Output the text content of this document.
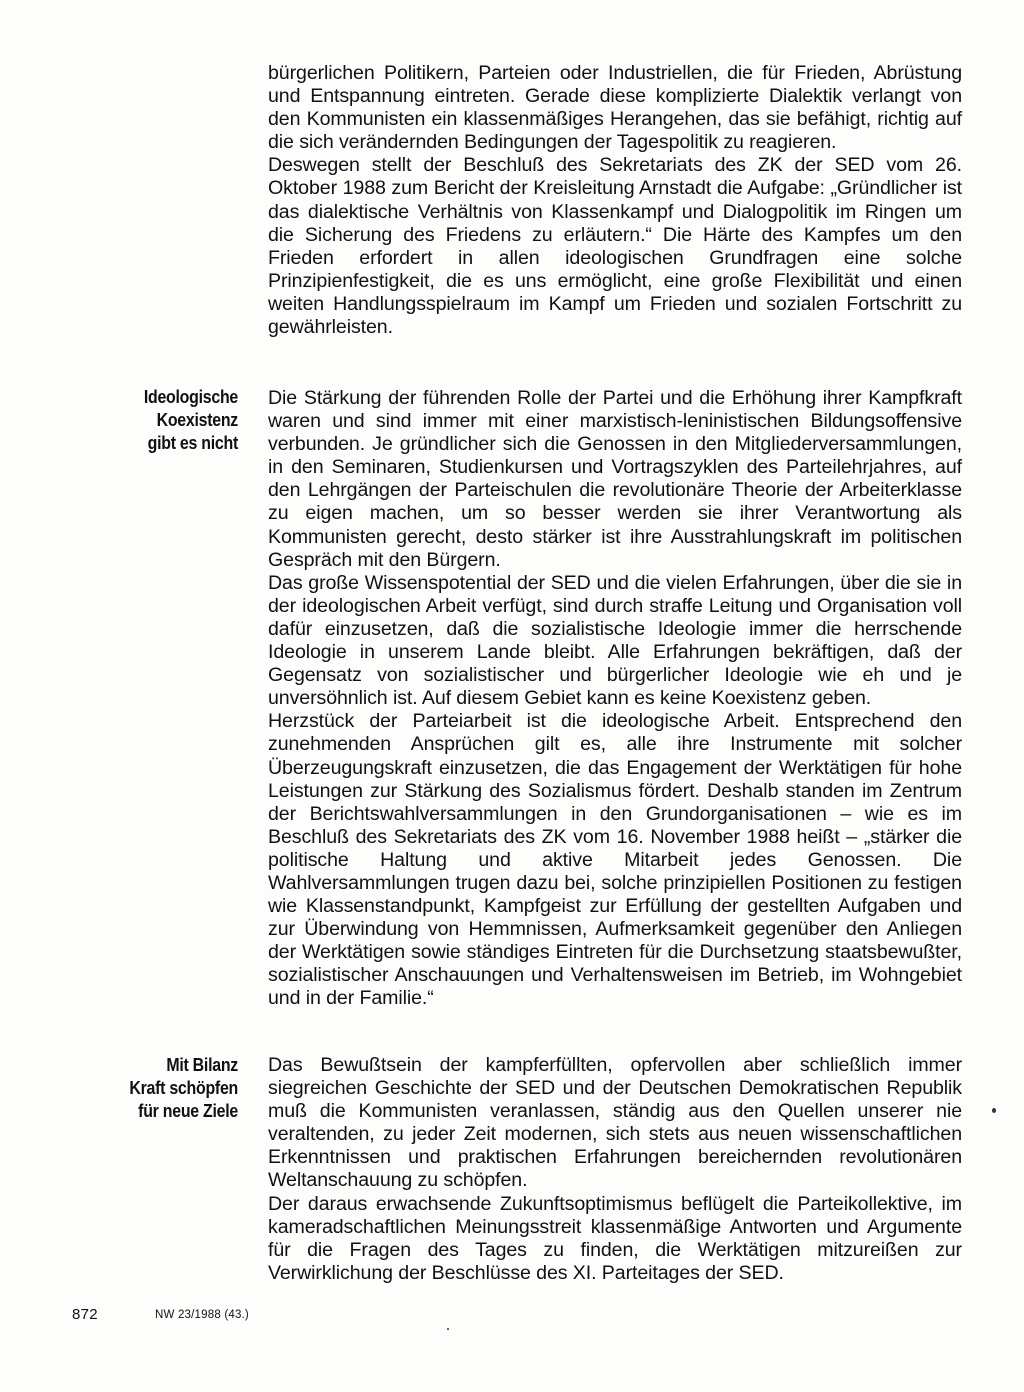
bürgerlichen Politikern, Parteien oder Industriellen, die für Frieden, Abrüstung und Entspannung eintreten. Gerade diese komplizierte Dialektik verlangt von den Kommunisten ein klassenmäßiges Herangehen, das sie befähigt, richtig auf die sich verändernden Bedingungen der Tagespolitik zu reagieren.

Deswegen stellt der Beschluß des Sekretariats des ZK der SED vom 26. Oktober 1988 zum Bericht der Kreisleitung Arnstadt die Aufgabe: „Gründlicher ist das dialektische Verhältnis von Klassenkampf und Dialogpolitik im Ringen um die Sicherung des Friedens zu erläutern.“ Die Härte des Kampfes um den Frieden erfordert in allen ideologischen Grundfragen eine solche Prinzipienfestigkeit, die es uns ermöglicht, eine große Flexibilität und einen weiten Handlungsspielraum im Kampf um Frieden und sozialen Fortschritt zu gewährleisten.

Ideologische
Koexistenz
gibt es nicht

Die Stärkung der führenden Rolle der Partei und die Erhöhung ihrer Kampfkraft waren und sind immer mit einer marxistisch-leninistischen Bildungsoffensive verbunden. Je gründlicher sich die Genossen in den Mitgliederversammlungen, in den Seminaren, Studienkursen und Vortragszyklen des Parteilehrjahres, auf den Lehrgängen der Parteischulen die revolutionäre Theorie der Arbeiterklasse zu eigen machen, um so besser werden sie ihrer Verantwortung als Kommunisten gerecht, desto stärker ist ihre Ausstrahlungskraft im politischen Gespräch mit den Bürgern.

Das große Wissenspotential der SED und die vielen Erfahrungen, über die sie in der ideologischen Arbeit verfügt, sind durch straffe Leitung und Organisation voll dafür einzusetzen, daß die sozialistische Ideologie immer die herrschende Ideologie in unserem Lande bleibt. Alle Erfahrungen bekräftigen, daß der Gegensatz von sozialistischer und bürgerlicher Ideologie wie eh und je unversöhnlich ist. Auf diesem Gebiet kann es keine Koexistenz geben.

Herzstück der Parteiarbeit ist die ideologische Arbeit. Entsprechend den zunehmenden Ansprüchen gilt es, alle ihre Instrumente mit solcher Überzeugungskraft einzusetzen, die das Engagement der Werktätigen für hohe Leistungen zur Stärkung des Sozialismus fördert. Deshalb standen im Zentrum der Berichtswahlversammlungen in den Grundorganisationen – wie es im Beschluß des Sekretariats des ZK vom 16. November 1988 heißt – „stärker die politische Haltung und aktive Mitarbeit jedes Genossen. Die Wahlversammlungen trugen dazu bei, solche prinzipiellen Positionen zu festigen wie Klassenstandpunkt, Kampfgeist zur Erfüllung der gestellten Aufgaben und zur Überwindung von Hemmnissen, Aufmerksamkeit gegenüber den Anliegen der Werktätigen sowie ständiges Eintreten für die Durchsetzung staatsbewußter, sozialistischer Anschauungen und Verhaltensweisen im Betrieb, im Wohngebiet und in der Familie.“

Mit Bilanz
Kraft schöpfen
für neue Ziele

Das Bewußtsein der kampferfüllten, opfervollen aber schließlich immer siegreichen Geschichte der SED und der Deutschen Demokratischen Republik muß die Kommunisten veranlassen, ständig aus den Quellen unserer nie veraltenden, zu jeder Zeit modernen, sich stets aus neuen wissenschaftlichen Erkenntnissen und praktischen Erfahrungen bereichernden revolutionären Weltanschauung zu schöpfen.

Der daraus erwachsende Zukunftsoptimismus beflügelt die Parteikollektive, im kameradschaftlichen Meinungsstreit klassenmäßige Antworten und Argumente für die Fragen des Tages zu finden, die Werktätigen mitzureißen zur Verwirklichung der Beschlüsse des XI. Parteitages der SED.

872	NW 23/1988 (43.)
